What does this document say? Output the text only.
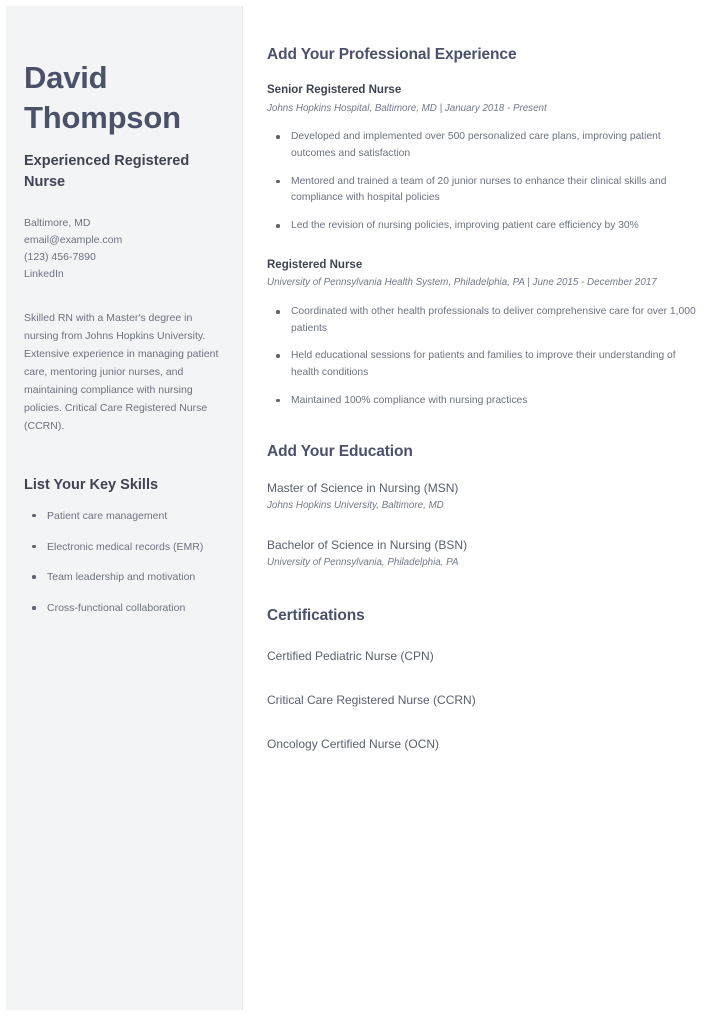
David Thompson
Experienced Registered Nurse
Baltimore, MD
email@example.com
(123) 456-7890
LinkedIn

Skilled RN with a Master's degree in nursing from Johns Hopkins University. Extensive experience in managing patient care, mentoring junior nurses, and maintaining compliance with nursing policies. Critical Care Registered Nurse (CCRN).

List Your Key Skills
Patient care management
Electronic medical records (EMR)
Team leadership and motivation
Cross-functional collaboration
Add Your Professional Experience
Senior Registered Nurse
Johns Hopkins Hospital, Baltimore, MD | January 2018 - Present
Developed and implemented over 500 personalized care plans, improving patient outcomes and satisfaction
Mentored and trained a team of 20 junior nurses to enhance their clinical skills and compliance with hospital policies
Led the revision of nursing policies, improving patient care efficiency by 30%
Registered Nurse
University of Pennsylvania Health System, Philadelphia, PA | June 2015 - December 2017
Coordinated with other health professionals to deliver comprehensive care for over 1,000 patients
Held educational sessions for patients and families to improve their understanding of health conditions
Maintained 100% compliance with nursing practices
Add Your Education
Master of Science in Nursing (MSN)
Johns Hopkins University, Baltimore, MD
Bachelor of Science in Nursing (BSN)
University of Pennsylvania, Philadelphia, PA
Certifications
Certified Pediatric Nurse (CPN)
Critical Care Registered Nurse (CCRN)
Oncology Certified Nurse (OCN)
